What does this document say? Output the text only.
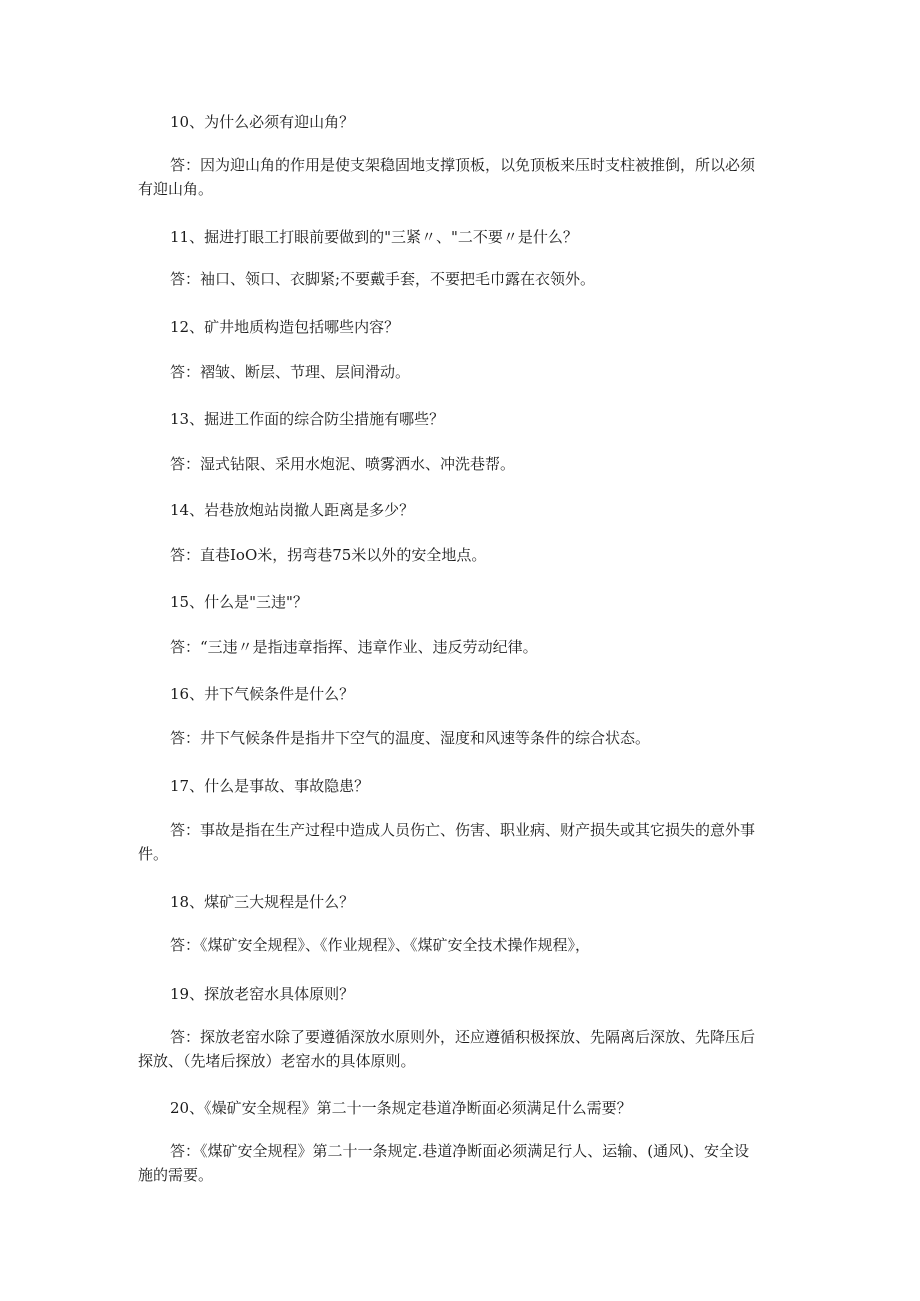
10、为什么必须有迎山角？
答：因为迎山角的作用是使支架稳固地支撑顶板，以免顶板来压时支柱被推倒，所以必须
有迎山角。
11、掘进打眼工打眼前要做到的"三紧〃、"二不要〃是什么？
答：袖口、领口、衣脚紧;不要戴手套，不要把毛巾露在衣领外。
12、矿井地质构造包括哪些内容？
答：褶皱、断层、节理、层间滑动。
13、掘进工作面的综合防尘措施有哪些？
答：湿式钻限、采用水炮泥、喷雾洒水、冲洗巷帮。
14、岩巷放炮站岗撤人距离是多少？
答：直巷IoO米，拐弯巷75米以外的安全地点。
15、什么是"三违"？
答：“三违〃是指违章指挥、违章作业、违反劳动纪律。
16、井下气候条件是什么？
答：井下气候条件是指井下空气的温度、湿度和风速等条件的综合状态。
17、什么是事故、事故隐患？
答：事故是指在生产过程中造成人员伤亡、伤害、职业病、财产损失或其它损失的意外事
件。
18、煤矿三大规程是什么？
答：《煤矿安全规程》、《作业规程》、《煤矿安全技术操作规程》，
19、探放老窑水具体原则？
答：探放老窑水除了要遵循深放水原则外，还应遵循积极探放、先隔离后深放、先降压后
探放、（先堵后探放）老窑水的具体原则。
20、《燥矿安全规程》第二十一条规定巷道净断面必须满足什么需要？
答：《煤矿安全规程》第二十一条规定.巷道净断面必须满足行人、运输、(通风)、安全设
施的需要。
